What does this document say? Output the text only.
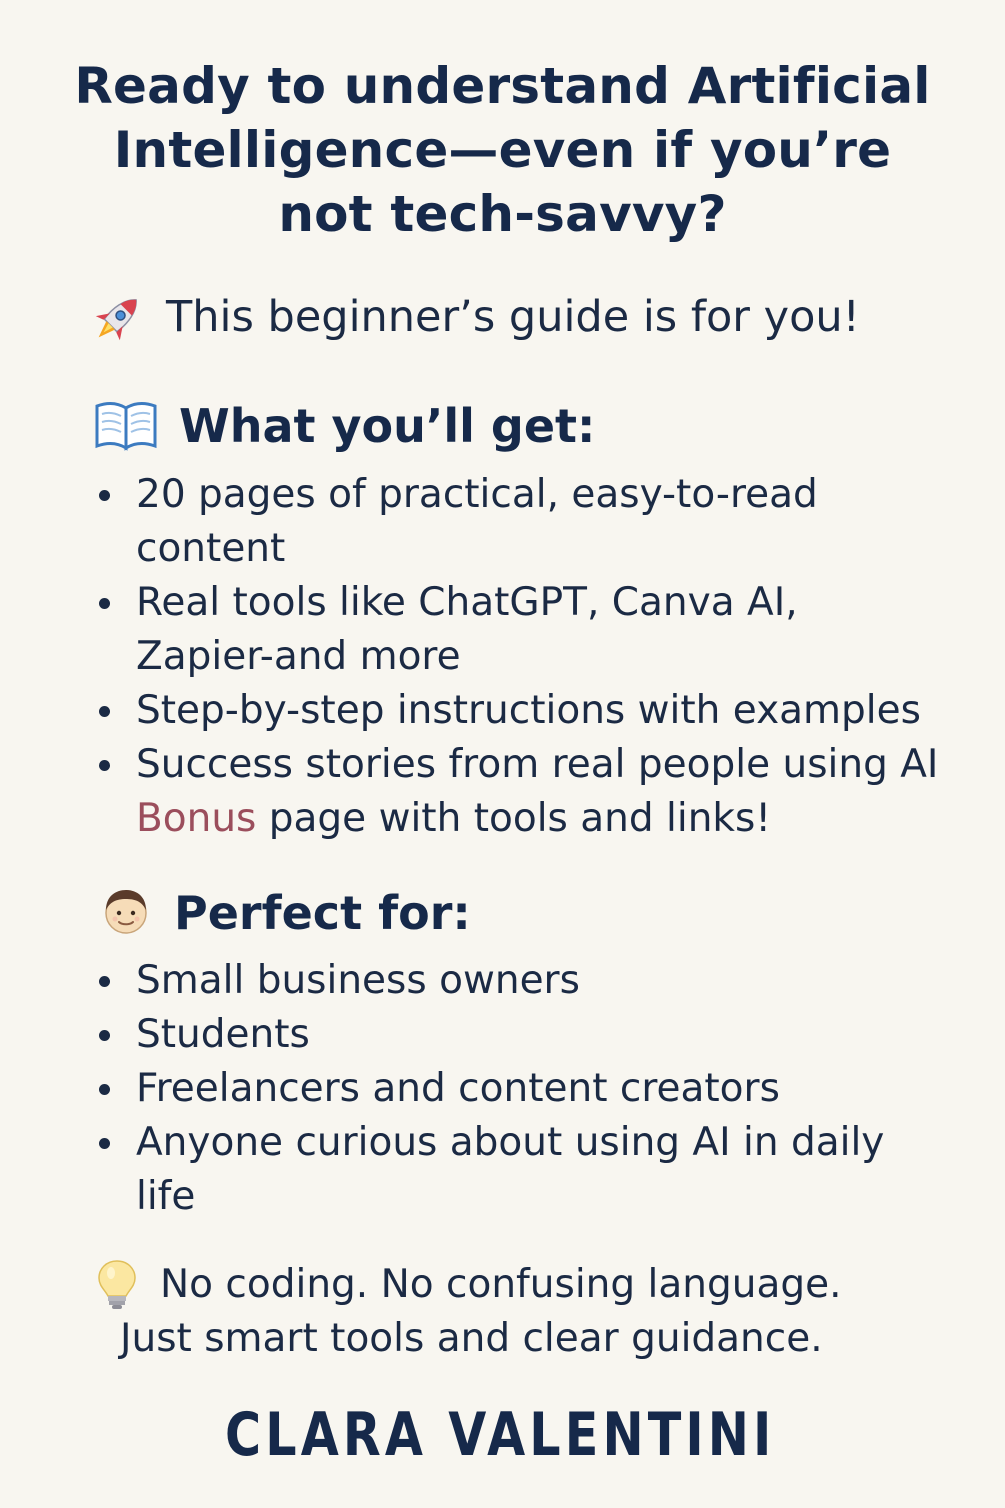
Ready to understand Artificial
Intelligence—even if you’re
not tech-savvy?
This beginner’s guide is for you!
What you’ll get:
20 pages of practical, easy-to-read
content
Real tools like ChatGPT, Canva AI,
Zapier-and more
Step-by-step instructions with examples
Success stories from real people using AI
Bonus page with tools and links!
Perfect for:
Small business owners
Students
Freelancers and content creators
Anyone curious about using AI in daily
life
No coding. No confusing language.
Just smart tools and clear guidance.
CLARA VALENTINI
